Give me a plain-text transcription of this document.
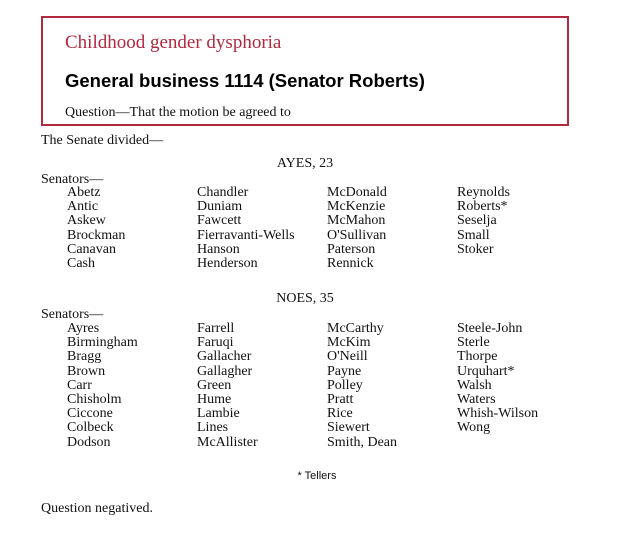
Childhood gender dysphoria
General business 1114 (Senator Roberts)
Question—That the motion be agreed to
The Senate divided—
AYES, 23
Senators—
Abetz
Antic
Askew
Brockman
Canavan
Cash
Chandler
Duniam
Fawcett
Fierravanti-Wells
Hanson
Henderson
McDonald
McKenzie
McMahon
O'Sullivan
Paterson
Rennick
Reynolds
Roberts*
Seselja
Small
Stoker
NOES, 35
Senators—
Ayres
Birmingham
Bragg
Brown
Carr
Chisholm
Ciccone
Colbeck
Dodson
Farrell
Faruqi
Gallacher
Gallagher
Green
Hume
Lambie
Lines
McAllister
McCarthy
McKim
O'Neill
Payne
Polley
Pratt
Rice
Siewert
Smith, Dean
Steele-John
Sterle
Thorpe
Urquhart*
Walsh
Waters
Whish-Wilson
Wong
* Tellers
Question negatived.
